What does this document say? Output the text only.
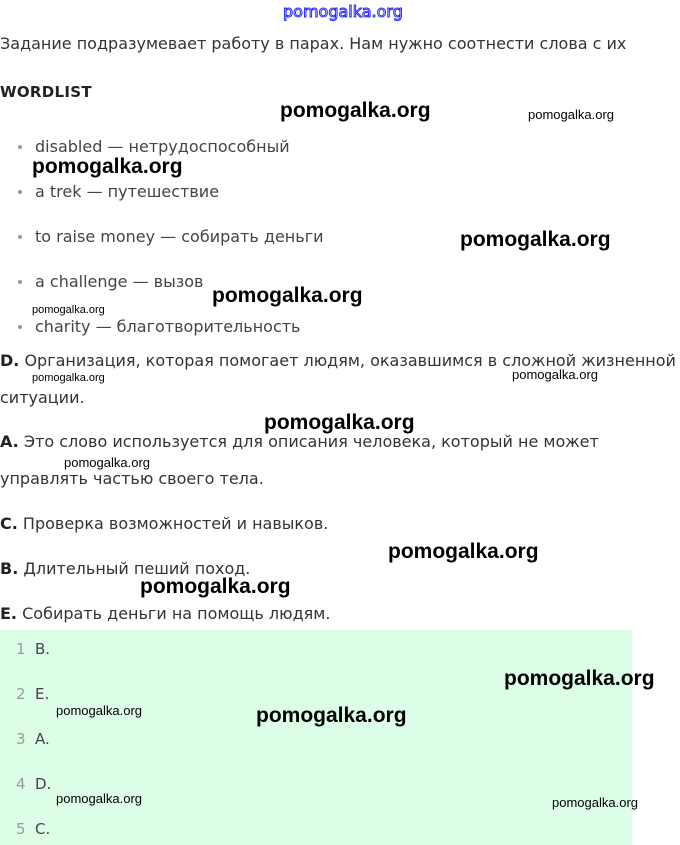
pomogalka.org
Задание подразумевает работу в парах. Нам нужно соотнести слова с их
WORDLIST
disabled — нетрудоспособный
a trek — путешествие
to raise money — собирать деньги
a challenge — вызов
charity — благотворительность
D. Организация, которая помогает людям, оказавшимся в сложной жизненной
ситуации.
A. Это слово используется для описания человека, который не может
управлять частью своего тела.
C. Проверка возможностей и навыков.
B. Длительный пеший поход.
E. Собирать деньги на помощь людям.
1 B.
2 E.
3 A.
4 D.
5 C.
pomogalka.org	pomogalka.org
pomogalka.org
pomogalka.org
pomogalka.org
pomogalka.org
pomogalka.org	pomogalka.org
pomogalka.org
pomogalka.org
pomogalka.org
pomogalka.org
pomogalka.org
pomogalka.org	pomogalka.org
pomogalka.org	pomogalka.org
